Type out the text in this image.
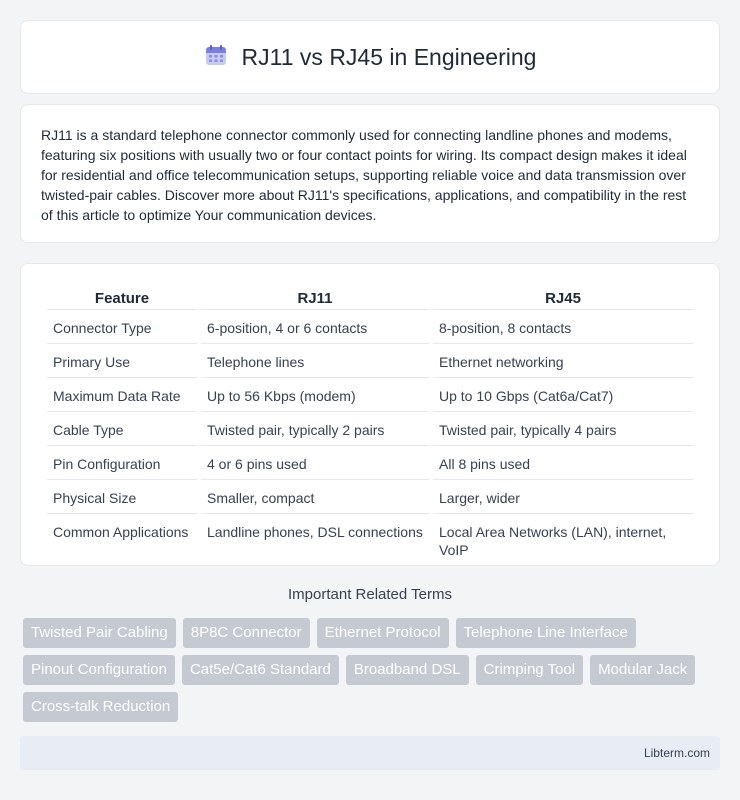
RJ11 vs RJ45 in Engineering

RJ11 is a standard telephone connector commonly used for connecting landline phones and modems, featuring six positions with usually two or four contact points for wiring. Its compact design makes it ideal for residential and office telecommunication setups, supporting reliable voice and data transmission over twisted-pair cables. Discover more about RJ11's specifications, applications, and compatibility in the rest of this article to optimize Your communication devices.

Feature	RJ11	RJ45
Connector Type	6-position, 4 or 6 contacts	8-position, 8 contacts
Primary Use	Telephone lines	Ethernet networking
Maximum Data Rate	Up to 56 Kbps (modem)	Up to 10 Gbps (Cat6a/Cat7)
Cable Type	Twisted pair, typically 2 pairs	Twisted pair, typically 4 pairs
Pin Configuration	4 or 6 pins used	All 8 pins used
Physical Size	Smaller, compact	Larger, wider
Common Applications	Landline phones, DSL connections	Local Area Networks (LAN), internet, VoIP
Important Related Terms
Twisted Pair Cabling	8P8C Connector	Ethernet Protocol	Telephone Line Interface
Pinout Configuration	Cat5e/Cat6 Standard	Broadband DSL	Crimping Tool	Modular Jack
Cross-talk Reduction
Libterm.com
